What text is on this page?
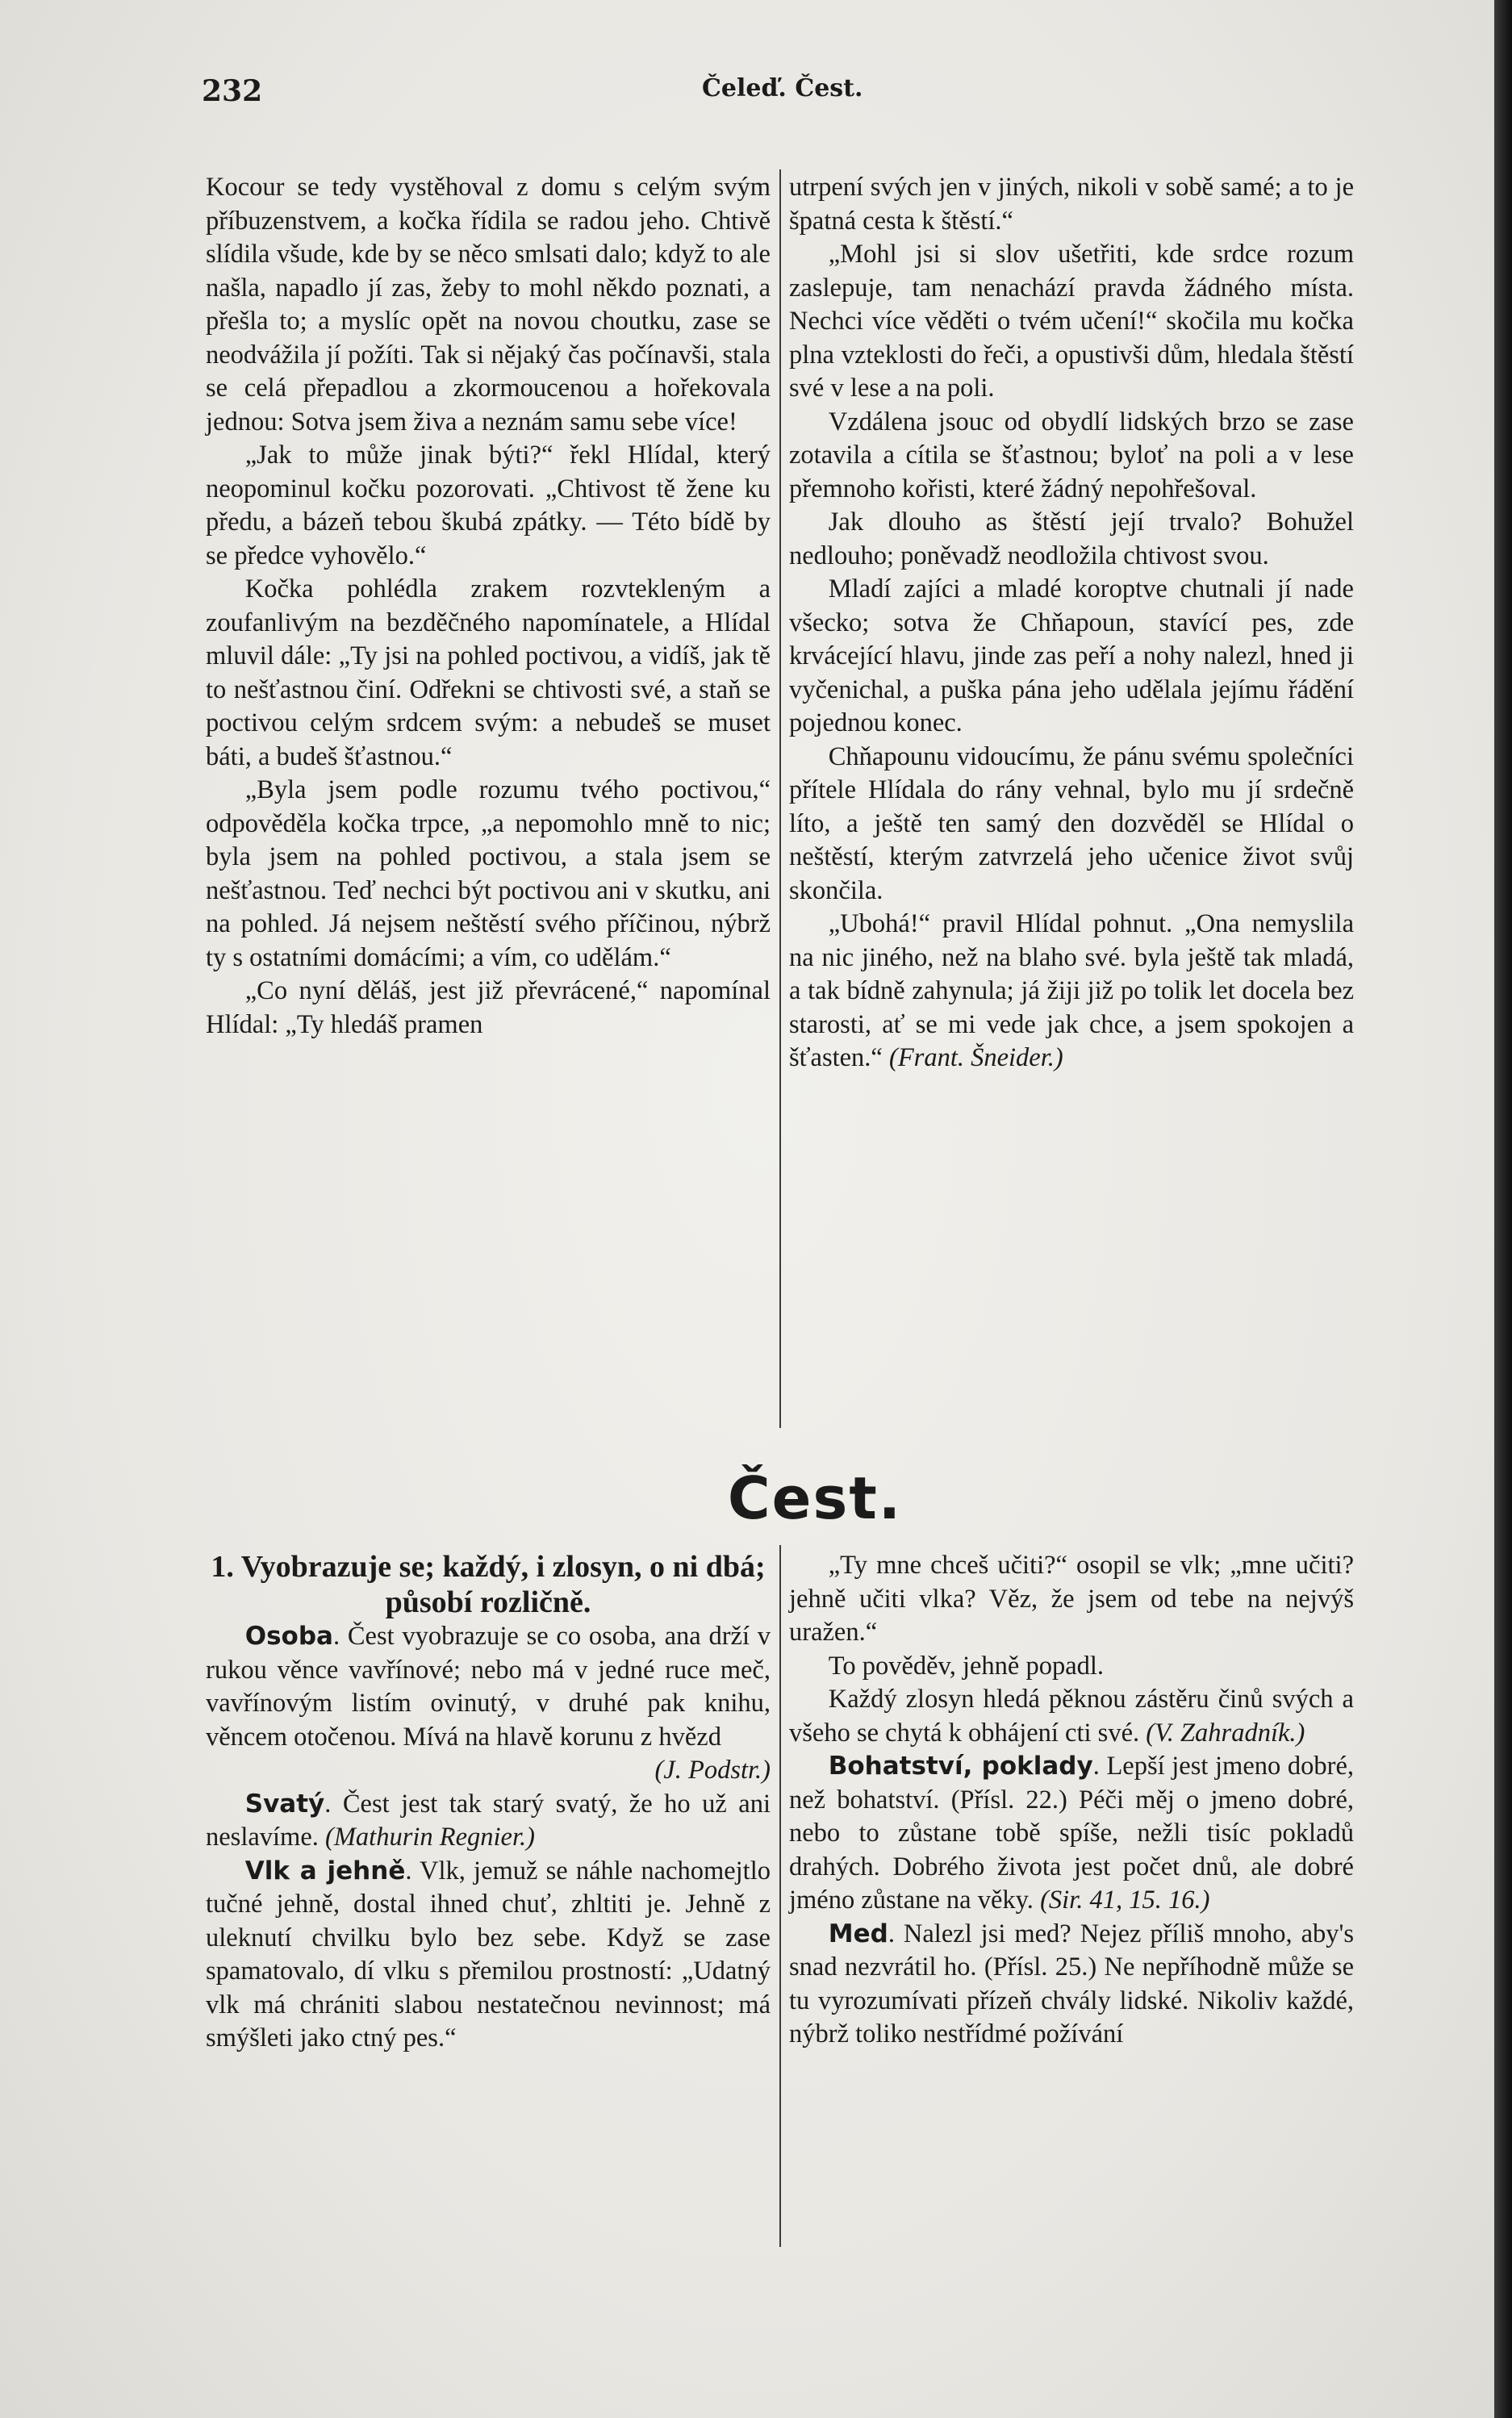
232	Čeleď. Čest.

Kocour se tedy vystěhoval z domu s celým svým příbuzenstvem, a kočka řídila se radou jeho. Chtivě slídila všude, kde by se něco smlsati dalo; když to ale našla, napadlo jí zas, žeby to mohl někdo poznati, a přešla to; a myslíc opět na novou choutku, zase se neodvážila jí požíti. Tak si nějaký čas počínavši, stala se celá přepadlou a zkormoucenou a hořekovala jednou: Sotva jsem živa a neznám samu sebe více!

„Jak to může jinak býti?“ řekl Hlídal, který neopominul kočku pozorovati. „Chtivost tě žene ku předu, a bázeň tebou škubá zpátky. — Této bídě by se předce vyhovělo.“

Kočka pohlédla zrakem rozvtekleným a zoufanlivým na bezděčného napomínatele, a Hlídal mluvil dále: „Ty jsi na pohled poctivou, a vidíš, jak tě to nešťastnou činí. Odřekni se chtivosti své, a staň se poctivou celým srdcem svým: a nebudeš se muset báti, a budeš šťastnou.“

„Byla jsem podle rozumu tvého poctivou,“ odpověděla kočka trpce, „a nepomohlo mně to nic; byla jsem na pohled poctivou, a stala jsem se nešťastnou. Teď nechci být poctivou ani v skutku, ani na pohled. Já nejsem neštěstí svého příčinou, nýbrž ty s ostatními domácími; a vím, co udělám.“

„Co nyní děláš, jest již převrácené,“ napomínal Hlídal: „Ty hledáš pramen

utrpení svých jen v jiných, nikoli v sobě samé; a to je špatná cesta k štěstí.“

„Mohl jsi si slov ušetřiti, kde srdce rozum zaslepuje, tam nenachází pravda žádného místa. Nechci více věděti o tvém učení!“ skočila mu kočka plna vzteklosti do řeči, a opustivši dům, hledala štěstí své v lese a na poli.

Vzdálena jsouc od obydlí lidských brzo se zase zotavila a cítila se šťastnou; byloť na poli a v lese přemnoho kořisti, které žádný nepohřešoval.

Jak dlouho as štěstí její trvalo? Bohužel nedlouho; poněvadž neodložila chtivost svou.

Mladí zajíci a mladé koroptve chutnali jí nade všecko; sotva že Chňapoun, stavící pes, zde krvácející hlavu, jinde zas peří a nohy nalezl, hned ji vyčenichal, a puška pána jeho udělala jejímu řádění pojednou konec.

Chňapounu vidoucímu, že pánu svému společníci přítele Hlídala do rány vehnal, bylo mu jí srdečně líto, a ještě ten samý den dozvěděl se Hlídal o neštěstí, kterým zatvrzelá jeho učenice život svůj skončila.

„Ubohá!“ pravil Hlídal pohnut. „Ona nemyslila na nic jiného, než na blaho své. byla ještě tak mladá, a tak bídně zahynula; já žiji již po tolik let docela bez starosti, ať se mi vede jak chce, a jsem spokojen a šťasten.“ (Frant. Šneider.)

Čest.

1. Vyobrazuje se; každý, i zlosyn, o ni dbá; působí rozličně.

Osoba. Čest vyobrazuje se co osoba, ana drží v rukou věnce vavřínové; nebo má v jedné ruce meč, vavřínovým listím ovinutý, v druhé pak knihu, věncem otočenou. Mívá na hlavě korunu z hvězd

(J. Podstr.)

Svatý. Čest jest tak starý svatý, že ho už ani neslavíme. (Mathurin Regnier.)

Vlk a jehně. Vlk, jemuž se náhle nachomejtlo tučné jehně, dostal ihned chuť, zhltiti je. Jehně z uleknutí chvilku bylo bez sebe. Když se zase spamatovalo, dí vlku s přemilou prostností: „Udatný vlk má chrániti slabou nestatečnou nevinnost; má smýšleti jako ctný pes.“

„Ty mne chceš učiti?“ osopil se vlk; „mne učiti? jehně učiti vlka? Věz, že jsem od tebe na nejvýš uražen.“

To pověděv, jehně popadl.

Každý zlosyn hledá pěknou zástěru činů svých a všeho se chytá k obhájení cti své. (V. Zahradník.)

Bohatství, poklady. Lepší jest jmeno dobré, než bohatství. (Přísl. 22.) Péči měj o jmeno dobré, nebo to zůstane tobě spíše, nežli tisíc pokladů drahých. Dobrého života jest počet dnů, ale dobré jméno zůstane na věky. (Sir. 41, 15. 16.)

Med. Nalezl jsi med? Nejez příliš mnoho, aby's snad nezvrátil ho. (Přísl. 25.) Ne nepříhodně může se tu vyrozumívati přízeň chvály lidské. Nikoliv každé, nýbrž toliko nestřídmé požívání
